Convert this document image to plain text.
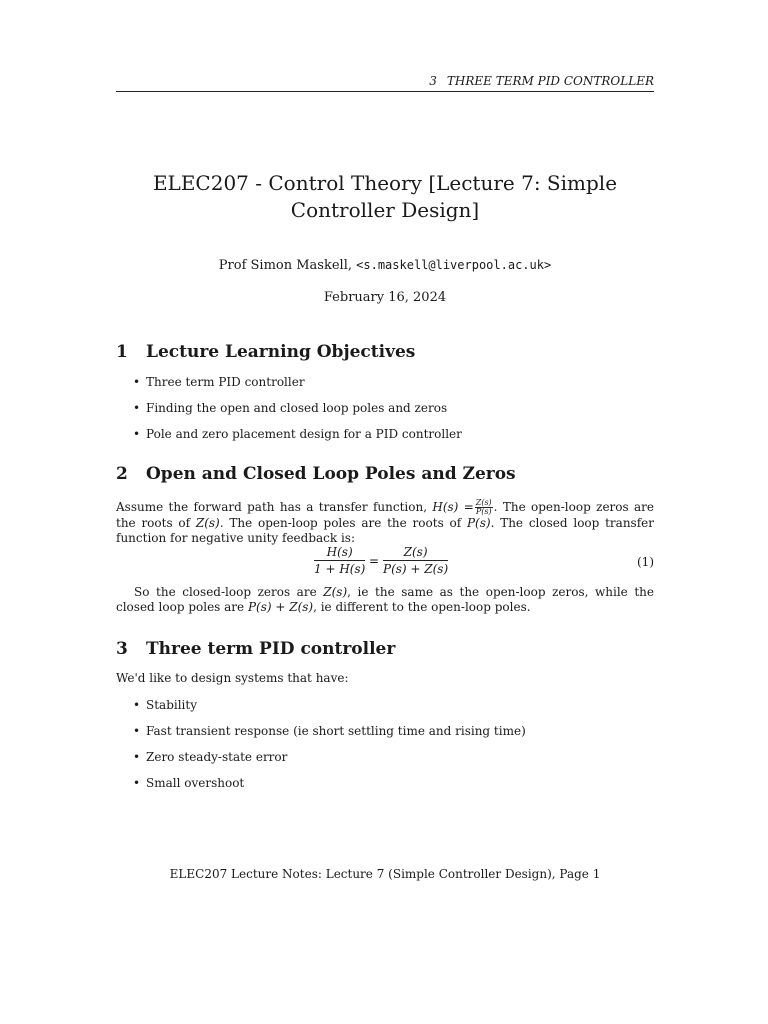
3 THREE TERM PID CONTROLLER
ELEC207 - Control Theory [Lecture 7: Simple Controller Design]
Prof Simon Maskell, <s.maskell@liverpool.ac.uk>
February 16, 2024
1 Lecture Learning Objectives
• Three term PID controller
• Finding the open and closed loop poles and zeros
• Pole and zero placement design for a PID controller
2 Open and Closed Loop Poles and Zeros
Assume the forward path has a transfer function, $H(s) = \frac{Z(s)}{P(s)}$. The open-loop zeros are the roots of Z(s). The open-loop poles are the roots of P(s). The closed loop transfer function for negative unity feedback is:
$\frac{H(s)}{1 + H(s)} = \frac{Z(s)}{P(s) + Z(s)}$	(1)
So the closed-loop zeros are Z(s), ie the same as the open-loop zeros, while the closed loop poles are P(s) + Z(s), ie different to the open-loop poles.
3 Three term PID controller
We'd like to design systems that have:
• Stability
• Fast transient response (ie short settling time and rising time)
• Zero steady-state error
• Small overshoot
ELEC207 Lecture Notes: Lecture 7 (Simple Controller Design), Page 1
